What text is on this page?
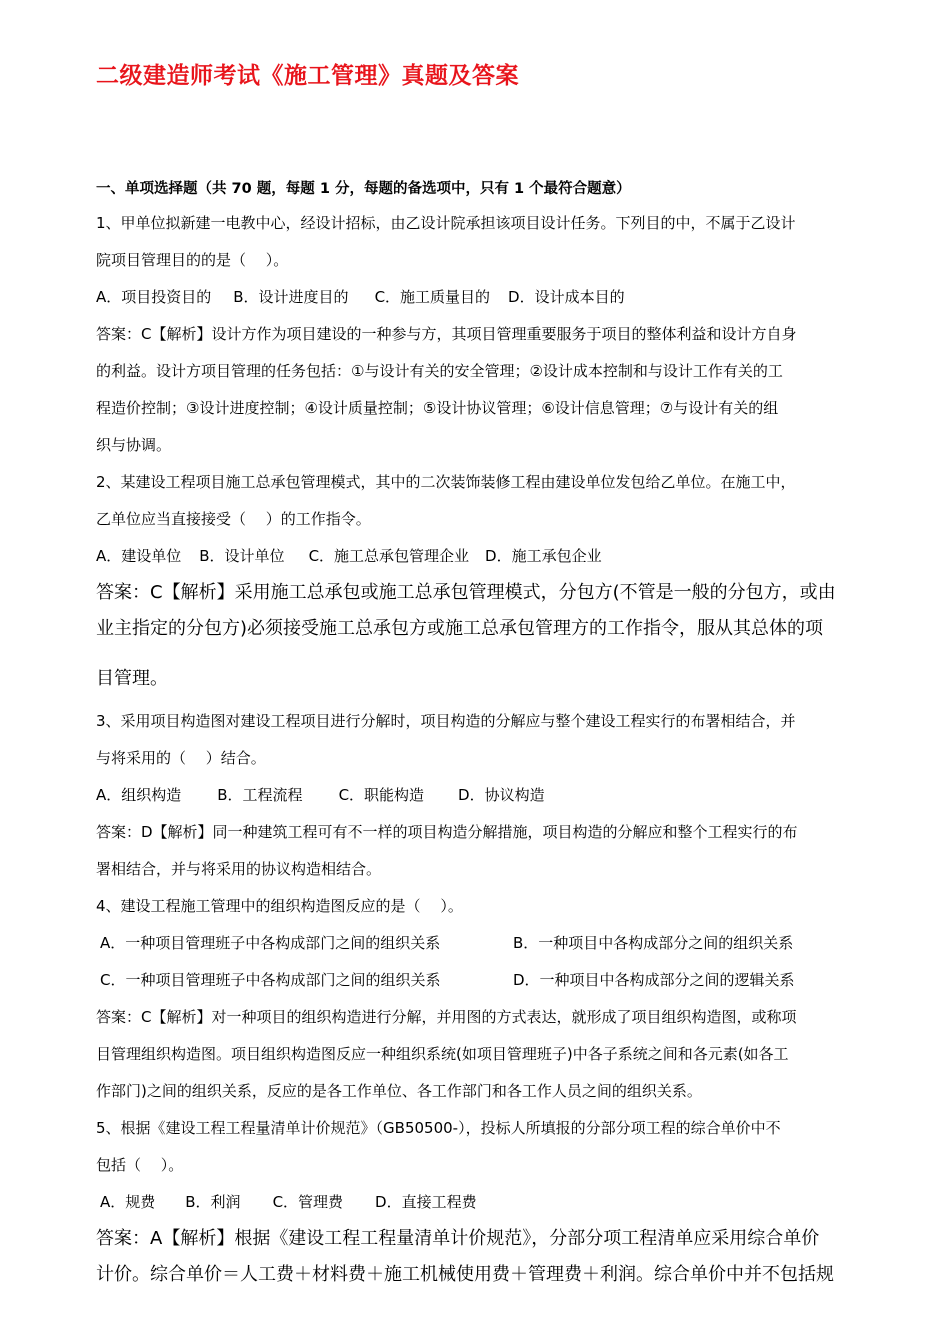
二级建造师考试《施工管理》真题及答案

一、单项选择题（共 70 题，每题 1 分，每题的备选项中，只有 1 个最符合题意）

1、甲单位拟新建一电教中心，经设计招标，由乙设计院承担该项目设计任务。下列目的中，不属于乙设计

院项目管理目的的是（　 ）。

A．项目投资目的 B．设计进度目的 C．施工质量目的 D．设计成本目的

答案：C【解析】设计方作为项目建设的一种参与方，其项目管理重要服务于项目的整体利益和设计方自身

的利益。设计方项目管理的任务包括：①与设计有关的安全管理；②设计成本控制和与设计工作有关的工

程造价控制；③设计进度控制；④设计质量控制；⑤设计协议管理；⑥设计信息管理；⑦与设计有关的组

织与协调。

2、某建设工程项目施工总承包管理模式，其中的二次装饰装修工程由建设单位发包给乙单位。在施工中，

乙单位应当直接接受（　 ）的工作指令。

A．建设单位 B．设计单位 C．施工总承包管理企业 D．施工承包企业

答案：C【解析】采用施工总承包或施工总承包管理模式，分包方(不管是一般的分包方，或由

业主指定的分包方)必须接受施工总承包方或施工总承包管理方的工作指令，服从其总体的项

目管理。

3、采用项目构造图对建设工程项目进行分解时，项目构造的分解应与整个建设工程实行的布署相结合，并

与将采用的（　 ）结合。

A．组织构造 B．工程流程 C．职能构造 D．协议构造

答案：D【解析】同一种建筑工程可有不一样的项目构造分解措施，项目构造的分解应和整个工程实行的布

署相结合，并与将采用的协议构造相结合。

4、建设工程施工管理中的组织构造图反应的是（　 ）。

A．一种项目管理班子中各构成部门之间的组织关系	B．一种项目中各构成部分之间的组织关系

C．一种项目管理班子中各构成部门之间的组织关系	D．一种项目中各构成部分之间的逻辑关系

答案：C【解析】对一种项目的组织构造进行分解，并用图的方式表达，就形成了项目组织构造图，或称项

目管理组织构造图。项目组织构造图反应一种组织系统(如项目管理班子)中各子系统之间和各元素(如各工

作部门)之间的组织关系，反应的是各工作单位、各工作部门和各工作人员之间的组织关系。

5、根据《建设工程工程量清单计价规范》（GB50500-），投标人所填报的分部分项工程的综合单价中不

包括（　 ）。

A．规费 B．利润 C．管理费 D．直接工程费

答案：A【解析】根据《建设工程工程量清单计价规范》，分部分项工程清单应采用综合单价

计价。综合单价＝人工费＋材料费＋施工机械使用费＋管理费＋利润。综合单价中并不包括规
